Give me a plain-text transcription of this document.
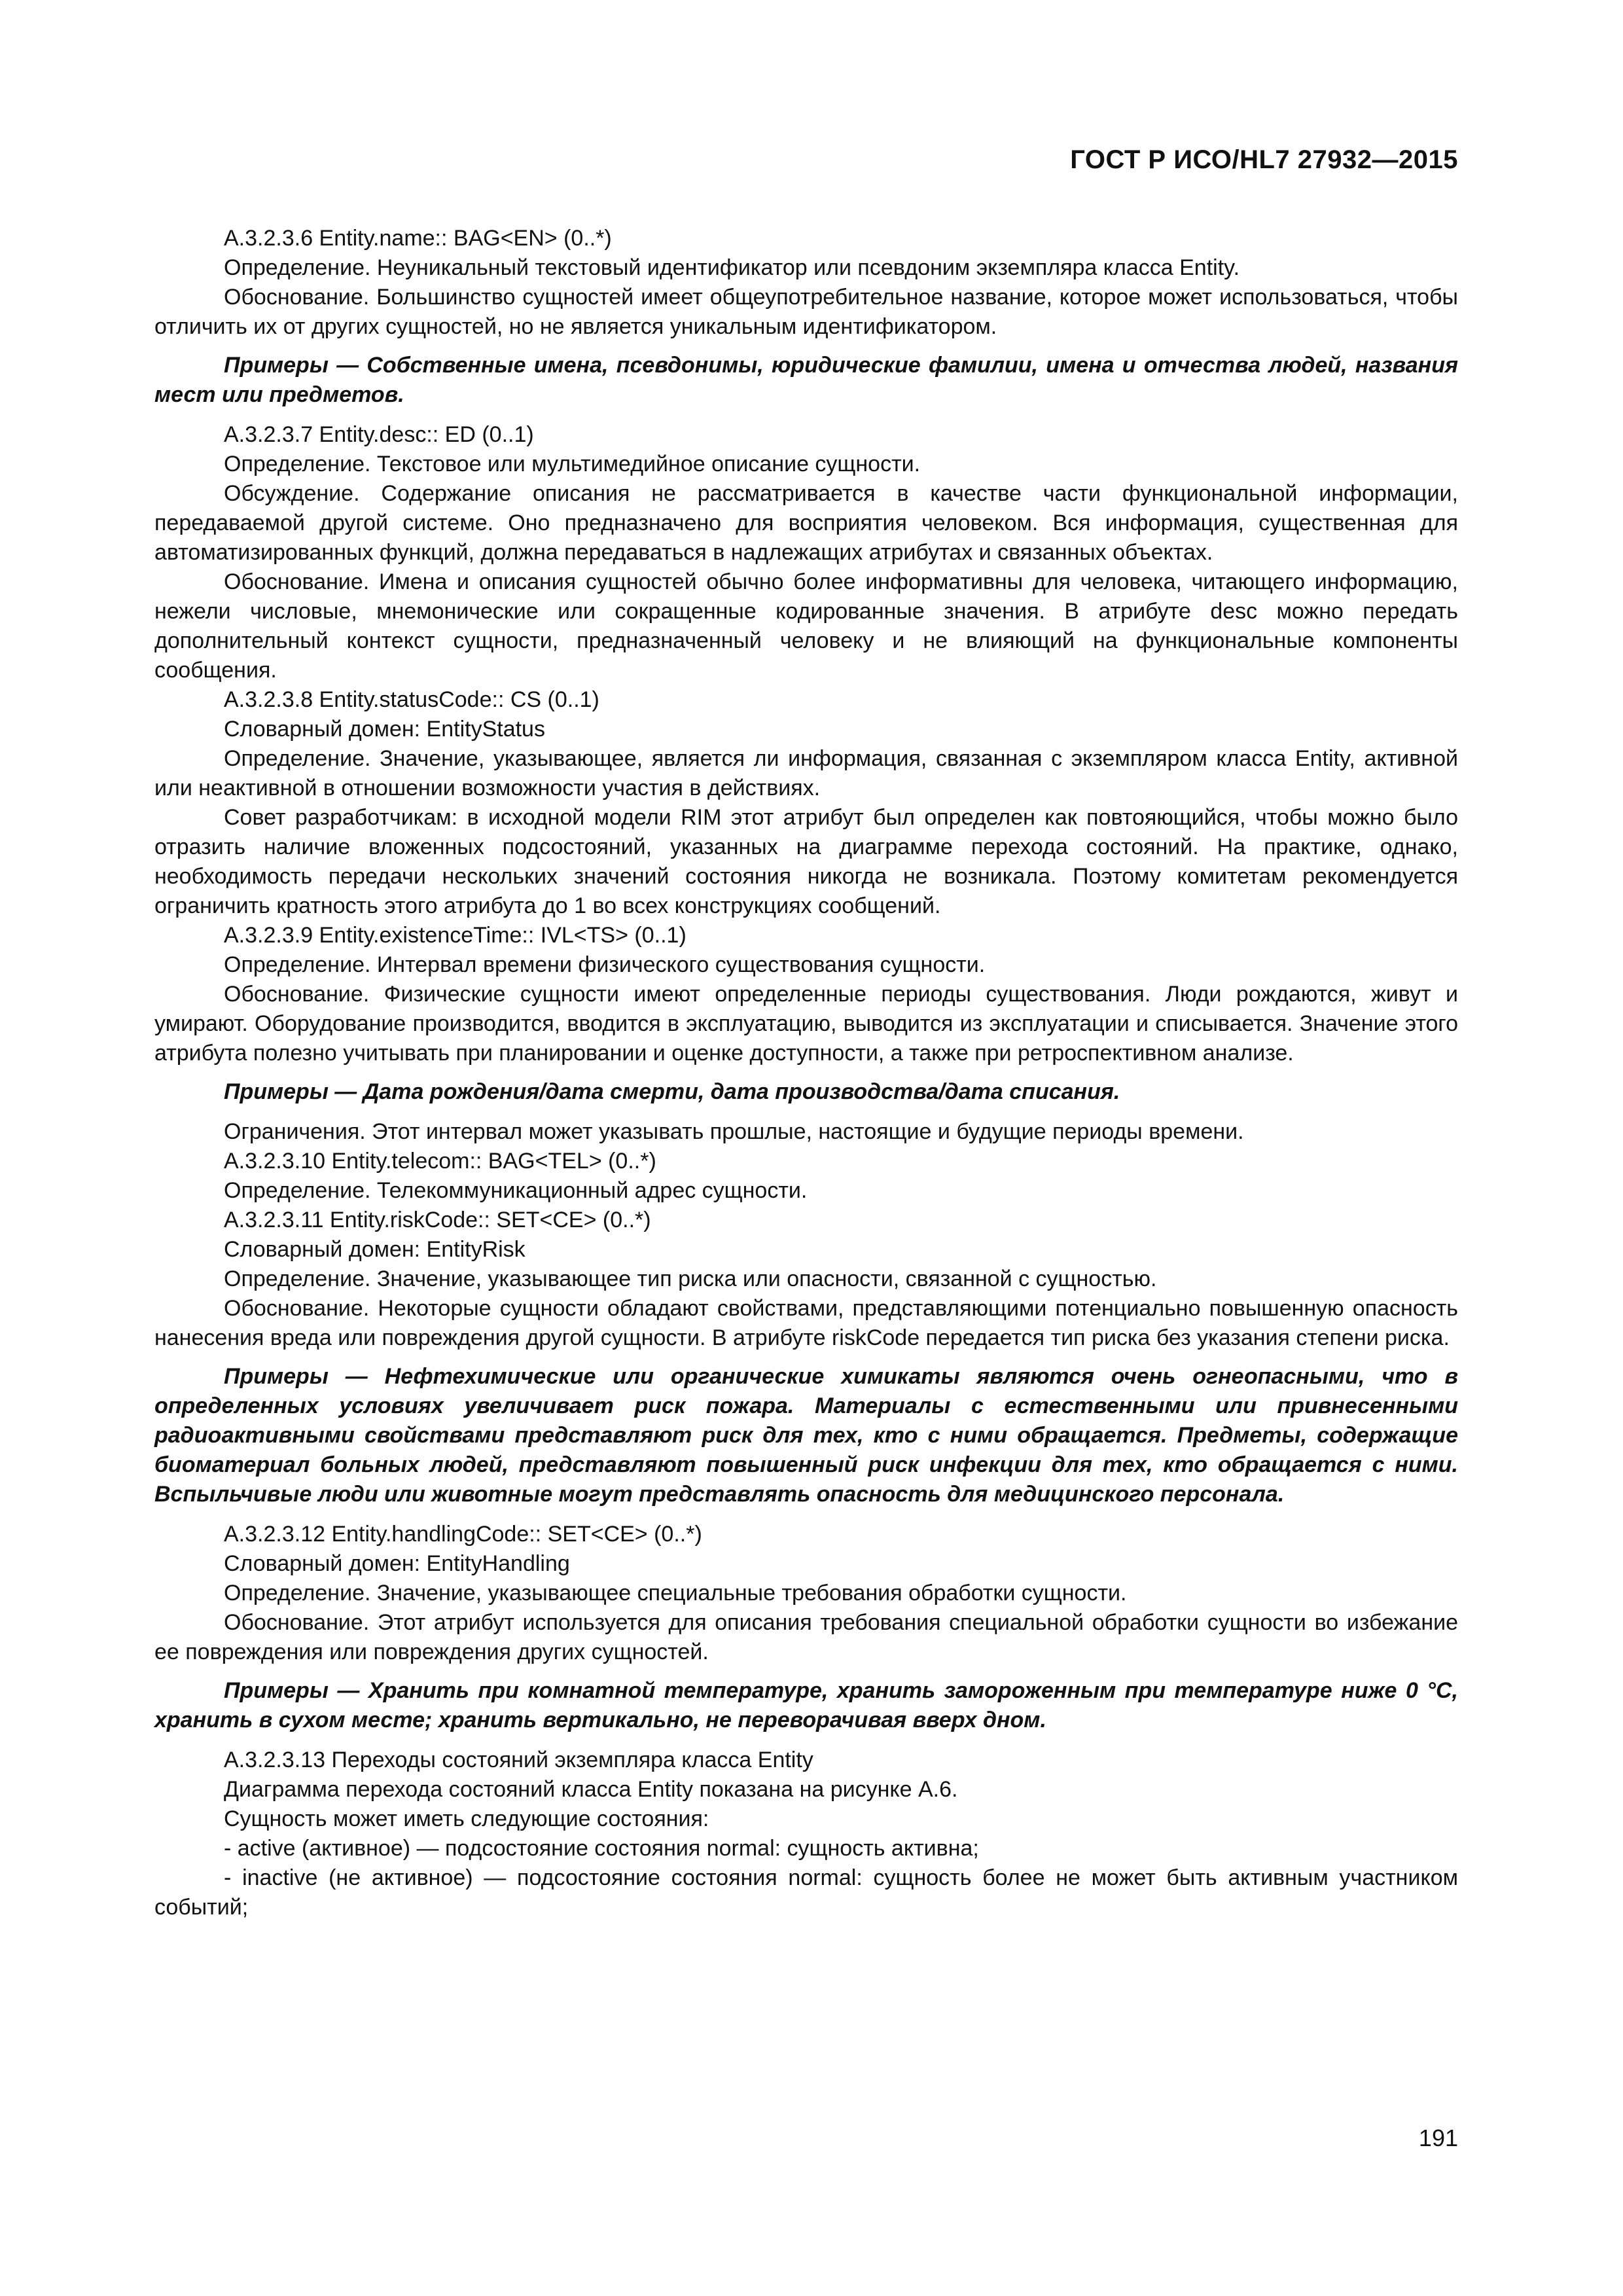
ГОСТ Р ИСО/HL7 27932—2015

A.3.2.3.6 Entity.name:: BAG<EN> (0..*)

Определение. Неуникальный текстовый идентификатор или псевдоним экземпляра класса Entity.

Обоснование. Большинство сущностей имеет общеупотребительное название, которое может использоваться, чтобы отличить их от других сущностей, но не является уникальным идентификатором.

Примеры — Собственные имена, псевдонимы, юридические фамилии, имена и отчества людей, названия мест или предметов.

A.3.2.3.7 Entity.desc:: ED (0..1)

Определение. Текстовое или мультимедийное описание сущности.

Обсуждение. Содержание описания не рассматривается в качестве части функциональной информации, передаваемой другой системе. Оно предназначено для восприятия человеком. Вся информация, существенная для автоматизированных функций, должна передаваться в надлежащих атрибутах и связанных объектах.

Обоснование. Имена и описания сущностей обычно более информативны для человека, читающего информацию, нежели числовые, мнемонические или сокращенные кодированные значения. В атрибуте desc можно передать дополнительный контекст сущности, предназначенный человеку и не влияющий на функциональные компоненты сообщения.

A.3.2.3.8 Entity.statusCode:: CS (0..1)

Словарный домен: EntityStatus

Определение. Значение, указывающее, является ли информация, связанная с экземпляром класса Entity, активной или неактивной в отношении возможности участия в действиях.

Совет разработчикам: в исходной модели RIM этот атрибут был определен как повтояющийся, чтобы можно было отразить наличие вложенных подсостояний, указанных на диаграмме перехода состояний. На практике, однако, необходимость передачи нескольких значений состояния никогда не возникала. Поэтому комитетам рекомендуется ограничить кратность этого атрибута до 1 во всех конструкциях сообщений.

A.3.2.3.9 Entity.existenceTime:: IVL<TS> (0..1)

Определение. Интервал времени физического существования сущности.

Обоснование. Физические сущности имеют определенные периоды существования. Люди рождаются, живут и умирают. Оборудование производится, вводится в эксплуатацию, выводится из эксплуатации и списывается. Значение этого атрибута полезно учитывать при планировании и оценке доступности, а также при ретроспективном анализе.

Примеры — Дата рождения/дата смерти, дата производства/дата списания.

Ограничения. Этот интервал может указывать прошлые, настоящие и будущие периоды времени.

A.3.2.3.10 Entity.telecom:: BAG<TEL> (0..*)

Определение. Телекоммуникационный адрес сущности.

A.3.2.3.11 Entity.riskCode:: SET<CE> (0..*)

Словарный домен: EntityRisk

Определение. Значение, указывающее тип риска или опасности, связанной с сущностью.

Обоснование. Некоторые сущности обладают свойствами, представляющими потенциально повышенную опасность нанесения вреда или повреждения другой сущности. В атрибуте riskCode передается тип риска без указания степени риска.

Примеры — Нефтехимические или органические химикаты являются очень огнеопасными, что в определенных условиях увеличивает риск пожара. Материалы с естественными или привнесенными радиоактивными свойствами представляют риск для тех, кто с ними обращается. Предметы, содержащие биоматериал больных людей, представляют повышенный риск инфекции для тех, кто обращается с ними. Вспыльчивые люди или животные могут представлять опасность для медицинского персонала.

A.3.2.3.12 Entity.handlingCode:: SET<CE> (0..*)

Словарный домен: EntityHandling

Определение. Значение, указывающее специальные требования обработки сущности.

Обоснование. Этот атрибут используется для описания требования специальной обработки сущности во избежание ее повреждения или повреждения других сущностей.

Примеры — Хранить при комнатной температуре, хранить замороженным при температуре ниже 0 °С, хранить в сухом месте; хранить вертикально, не переворачивая вверх дном.

A.3.2.3.13 Переходы состояний экземпляра класса Entity

Диаграмма перехода состояний класса Entity показана на рисунке А.6.

Сущность может иметь следующие состояния:

- active (активное) — подсостояние состояния normal: сущность активна;

- inactive (не активное) — подсостояние состояния normal: сущность более не может быть активным участником событий;

191
